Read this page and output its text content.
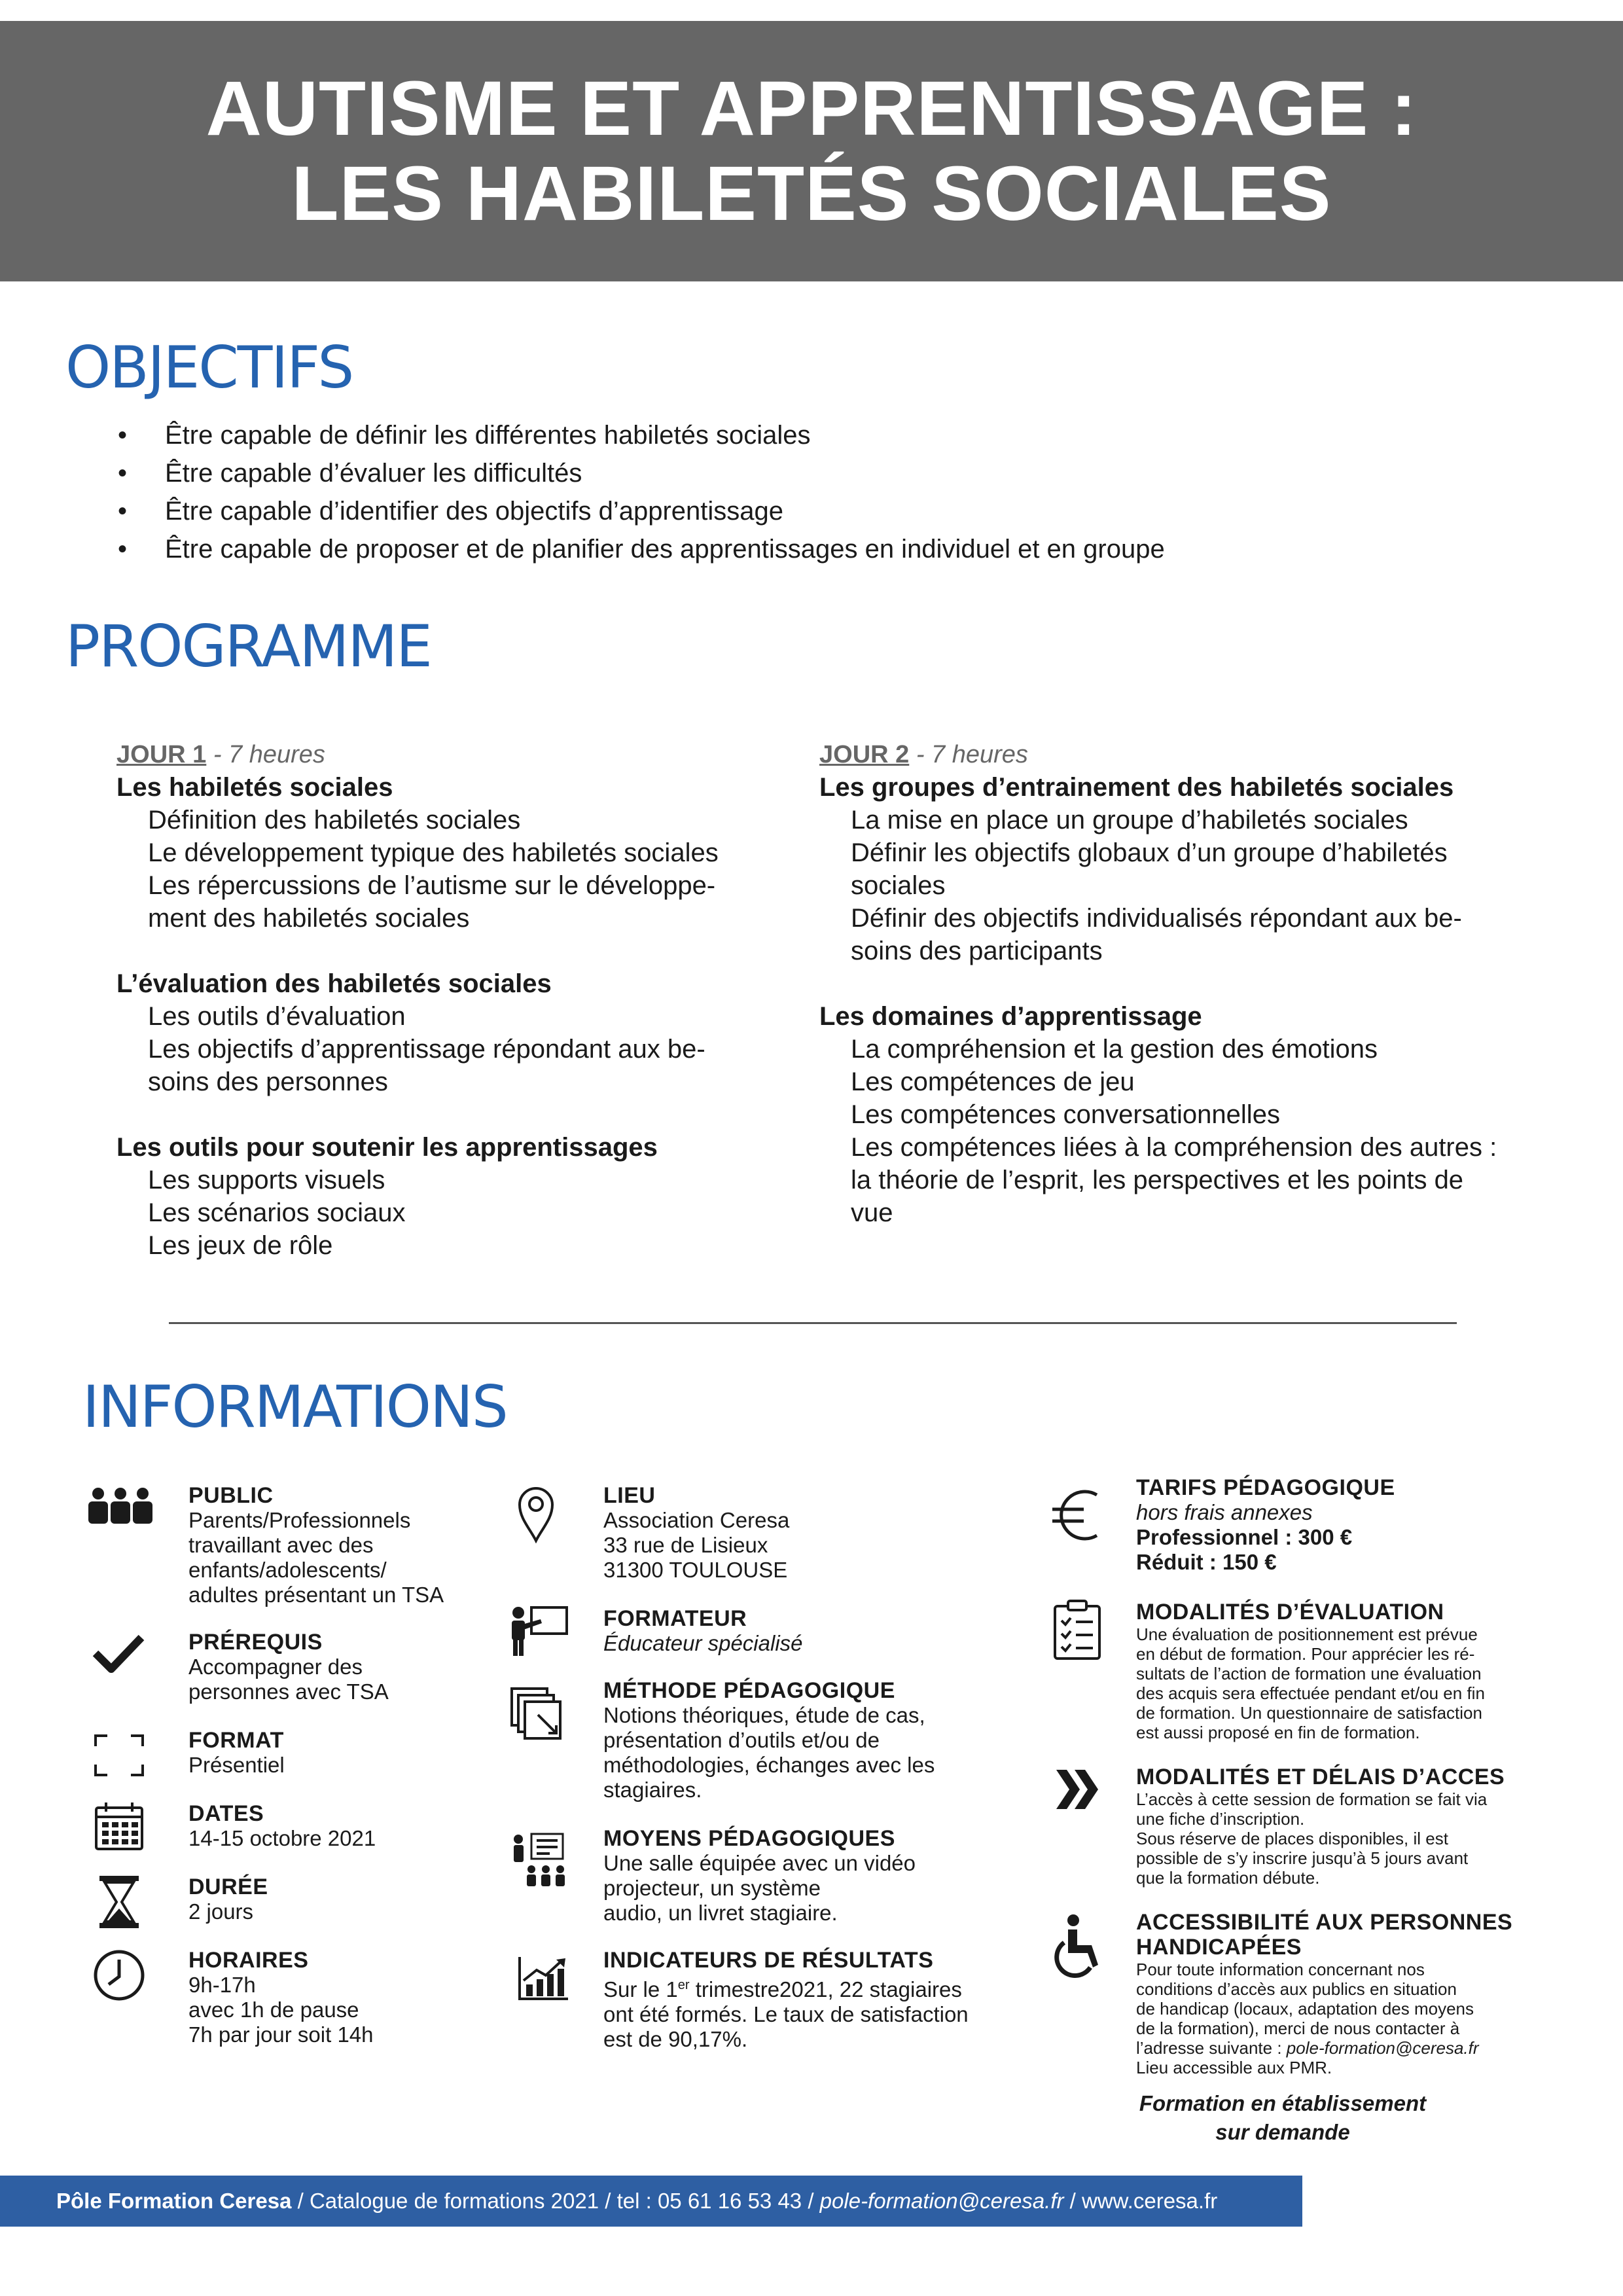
AUTISME ET APPRENTISSAGE :
LES HABILETÉS SOCIALES
OBJECTIFS
• Être capable de définir les différentes habiletés sociales
• Être capable d’évaluer les difficultés
• Être capable d’identifier des objectifs d’apprentissage
• Être capable de proposer et de planifier des apprentissages en individuel et en groupe
PROGRAMME
JOUR 1 - 7 heures
Les habiletés sociales

Définition des habiletés sociales

Le développement typique des habiletés sociales

Les répercussions de l’autisme sur le développe-

ment des habiletés sociales

L’évaluation des habiletés sociales

Les outils d’évaluation

Les objectifs d’apprentissage répondant aux be-

soins des personnes

Les outils pour soutenir les apprentissages

Les supports visuels

Les scénarios sociaux

Les jeux de rôle

JOUR 2 - 7 heures
Les groupes d’entrainement des habiletés sociales

La mise en place un groupe d’habiletés sociales

Définir les objectifs globaux d’un groupe d’habiletés

sociales

Définir des objectifs individualisés répondant aux be-

soins des participants

Les domaines d’apprentissage

La compréhension et la gestion des émotions

Les compétences de jeu

Les compétences conversationnelles

Les compétences liées à la compréhension des autres :

la théorie de l’esprit, les perspectives et les points de

vue

INFORMATIONS
PUBLIC
Parents/Professionnels
travaillant avec des
enfants/adolescents/
adultes présentant un TSA
PRÉREQUIS
Accompagner des
personnes avec TSA
FORMAT
Présentiel
DATES
14-15 octobre 2021
DURÉE
2 jours
HORAIRES
9h-17h
avec 1h de pause
7h par jour soit 14h
LIEU
Association Ceresa
33 rue de Lisieux
31300 TOULOUSE
FORMATEUR
Éducateur spécialisé
MÉTHODE PÉDAGOGIQUE
Notions théoriques, étude de cas,
présentation d’outils et/ou de
méthodologies, échanges avec les
stagiaires.
MOYENS PÉDAGOGIQUES
Une salle équipée avec un vidéo
projecteur, un système
audio, un livret stagiaire.
INDICATEURS DE RÉSULTATS
Sur le 1er trimestre2021, 22 stagiaires
ont été formés. Le taux de satisfaction
est de 90,17%.
TARIFS PÉDAGOGIQUE
hors frais annexes
Professionnel : 300 €
Réduit : 150 €
MODALITÉS D’ÉVALUATION
Une évaluation de positionnement est prévue
en début de formation. Pour apprécier les ré-
sultats de l’action de formation une évaluation
des acquis sera effectuée pendant et/ou en fin
de formation. Un questionnaire de satisfaction
est aussi proposé en fin de formation.
MODALITÉS ET DÉLAIS D’ACCES
L’accès à cette session de formation se fait via
une fiche d’inscription.
Sous réserve de places disponibles, il est
possible de s’y inscrire jusqu’à 5 jours avant
que la formation débute.
ACCESSIBILITÉ AUX PERSONNES
HANDICAPÉES
Pour toute information concernant nos
conditions d’accès aux publics en situation
de handicap (locaux, adaptation des moyens
de la formation), merci de nous contacter à
l’adresse suivante : pole-formation@ceresa.fr
Lieu accessible aux PMR.
Formation en établissement
sur demande
Pôle Formation Ceresa / Catalogue de formations 2021 / tel : 05 61 16 53 43 / pole-formation@ceresa.fr / www.ceresa.fr
